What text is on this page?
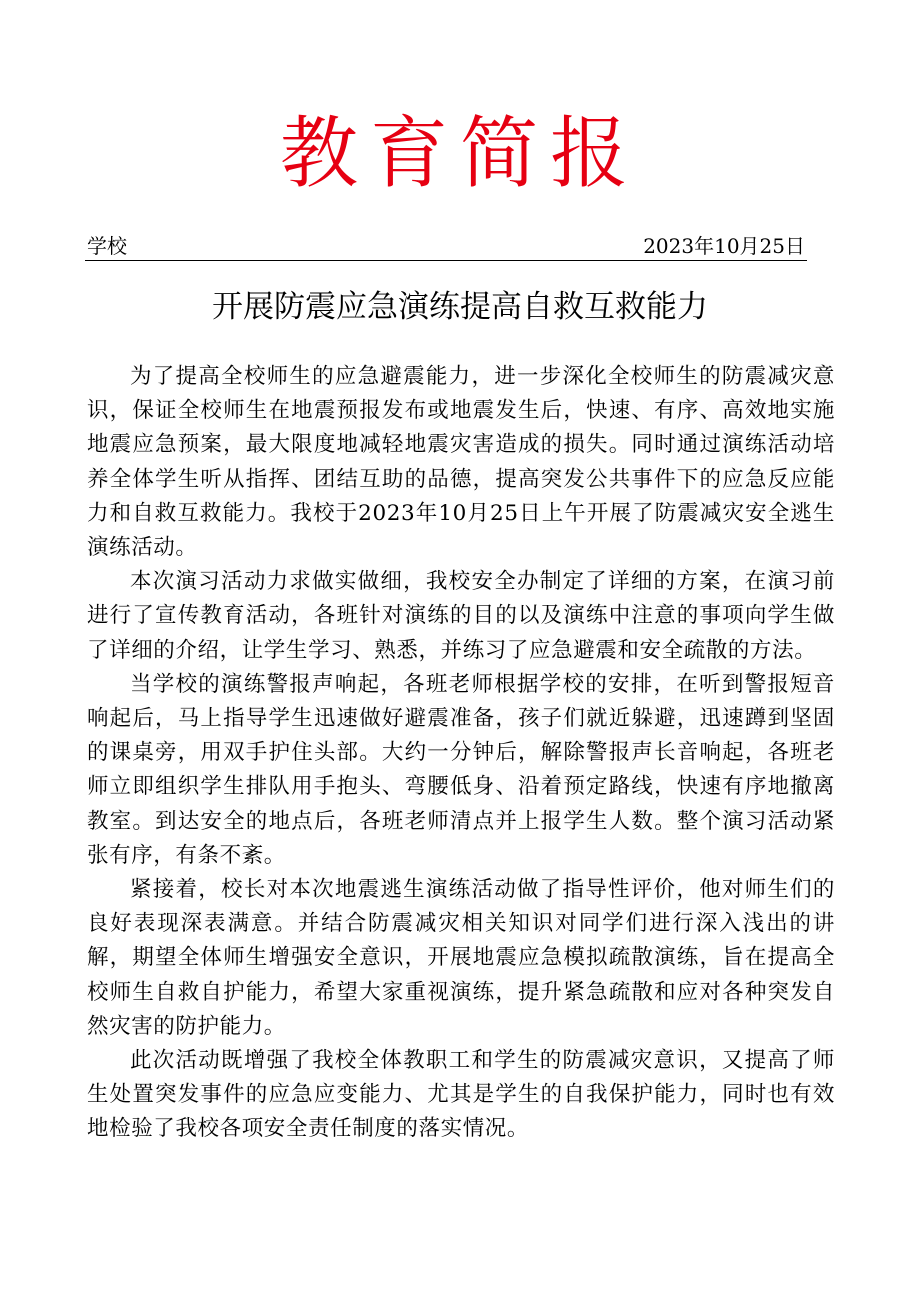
教育简报
学校	2023年10月25日
开展防震应急演练提高自救互救能力

为了提高全校师生的应急避震能力，进一步深化全校师生的防震减灾意识，保证全校师生在地震预报发布或地震发生后，快速、有序、高效地实施地震应急预案，最大限度地减轻地震灾害造成的损失。同时通过演练活动培养全体学生听从指挥、团结互助的品德，提高突发公共事件下的应急反应能力和自救互救能力。我校于2023年10月25日上午开展了防震减灾安全逃生演练活动。

本次演习活动力求做实做细，我校安全办制定了详细的方案，在演习前进行了宣传教育活动，各班针对演练的目的以及演练中注意的事项向学生做了详细的介绍，让学生学习、熟悉，并练习了应急避震和安全疏散的方法。

当学校的演练警报声响起，各班老师根据学校的安排，在听到警报短音响起后，马上指导学生迅速做好避震准备，孩子们就近躲避，迅速蹲到坚固的课桌旁，用双手护住头部。大约一分钟后，解除警报声长音响起，各班老师立即组织学生排队用手抱头、弯腰低身、沿着预定路线，快速有序地撤离教室。到达安全的地点后，各班老师清点并上报学生人数。整个演习活动紧张有序，有条不紊。

紧接着，校长对本次地震逃生演练活动做了指导性评价，他对师生们的良好表现深表满意。并结合防震减灾相关知识对同学们进行深入浅出的讲解，期望全体师生增强安全意识，开展地震应急模拟疏散演练，旨在提高全校师生自救自护能力，希望大家重视演练，提升紧急疏散和应对各种突发自然灾害的防护能力。

此次活动既增强了我校全体教职工和学生的防震减灾意识，又提高了师生处置突发事件的应急应变能力、尤其是学生的自我保护能力，同时也有效地检验了我校各项安全责任制度的落实情况。
